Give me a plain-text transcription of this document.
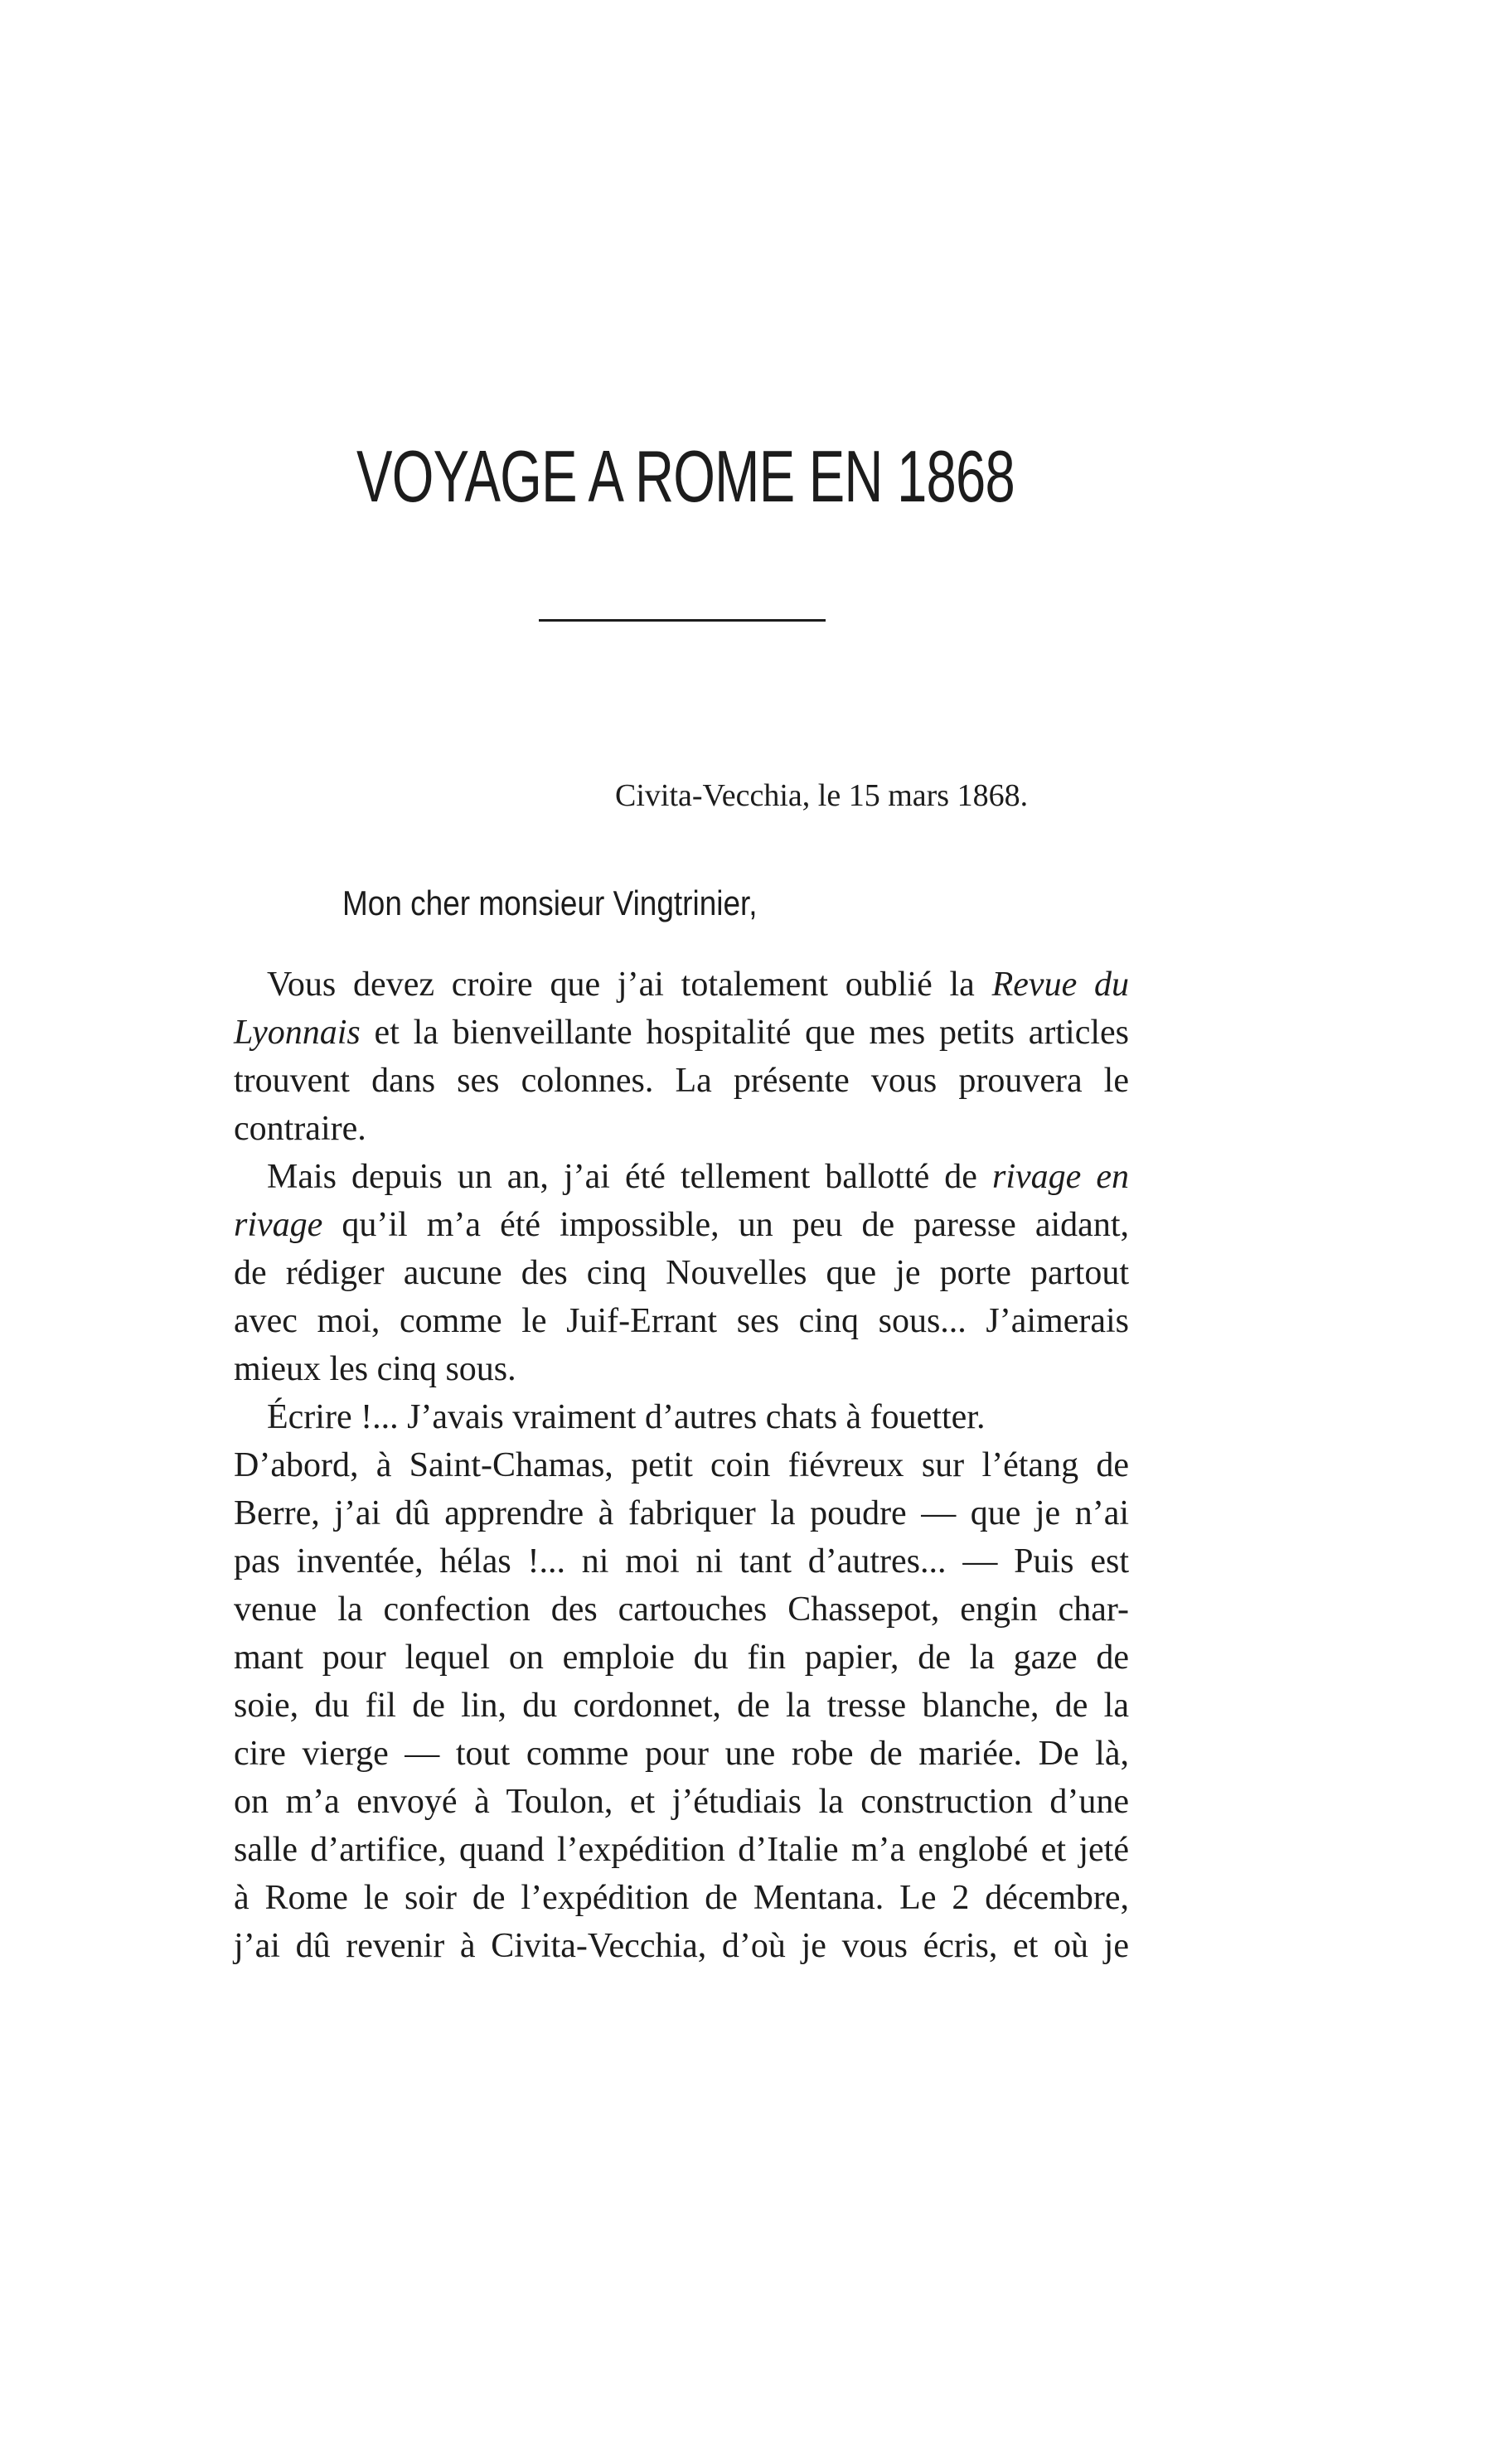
VOYAGE A ROME EN 1868
Civita-Vecchia, le 15 mars 1868.
Mon cher monsieur Vingtrinier,
Vous devez croire que j’ai totalement oublié la Revue du
Lyonnais et la bienveillante hospitalité que mes petits articles
trouvent dans ses colonnes. La présente vous prouvera le
contraire.
Mais depuis un an, j’ai été tellement ballotté de rivage en
rivage qu’il m’a été impossible, un peu de paresse aidant,
de rédiger aucune des cinq Nouvelles que je porte partout
avec moi, comme le Juif-Errant ses cinq sous... J’aimerais
mieux les cinq sous.
Écrire !... J’avais vraiment d’autres chats à fouetter.
D’abord, à Saint-Chamas, petit coin fiévreux sur l’étang de
Berre, j’ai dû apprendre à fabriquer la poudre — que je n’ai
pas inventée, hélas !... ni moi ni tant d’autres... — Puis est
venue la confection des cartouches Chassepot, engin char-
mant pour lequel on emploie du fin papier, de la gaze de
soie, du fil de lin, du cordonnet, de la tresse blanche, de la
cire vierge — tout comme pour une robe de mariée. De là,
on m’a envoyé à Toulon, et j’étudiais la construction d’une
salle d’artifice, quand l’expédition d’Italie m’a englobé et jeté
à Rome le soir de l’expédition de Mentana. Le 2 décembre,
j’ai dû revenir à Civita-Vecchia, d’où je vous écris, et où je
